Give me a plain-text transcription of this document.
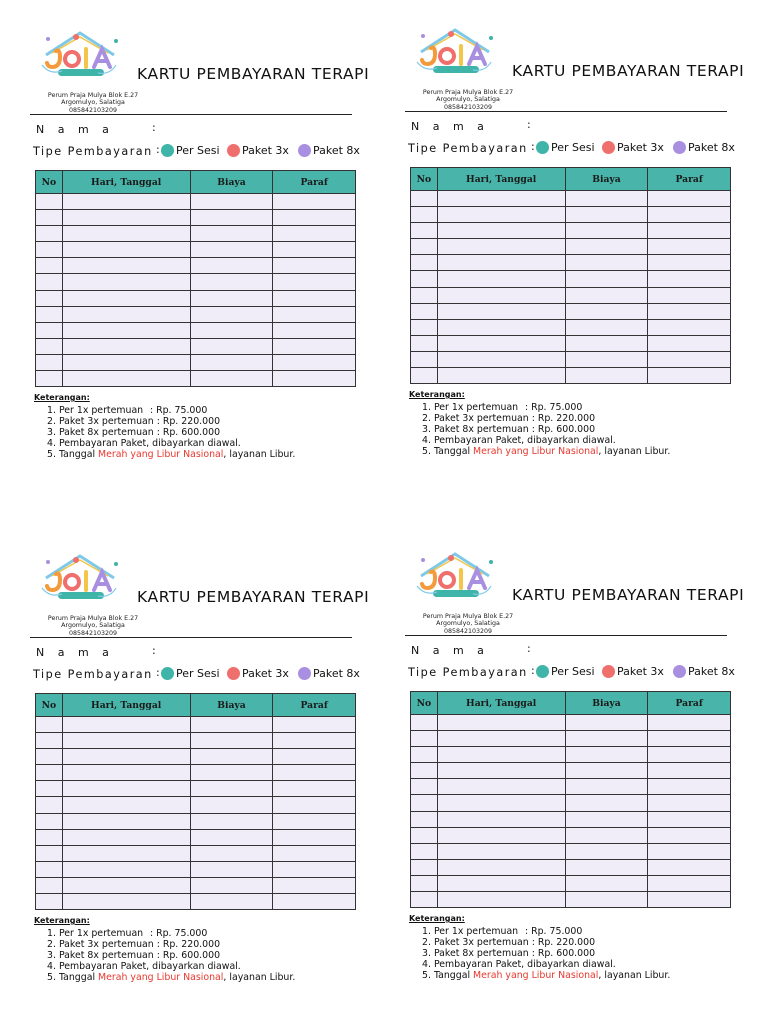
KARTU PEMBAYARAN TERAPI
Perum Praja Mulya Blok E.27
Argomulyo, Salatiga
085842103209
N a m a	:
Tipe Pembayaran : Per Sesi Paket 3x Paket 8x
No	Hari, Tanggal	Biaya	Paraf

Keterangan:
1. Per 1x pertemuan : Rp. 75.000
2. Paket 3x pertemuan : Rp. 220.000
3. Paket 8x pertemuan : Rp. 600.000
4. Pembayaran Paket, dibayarkan diawal.
5. Tanggal Merah yang Libur Nasional, layanan Libur.
KARTU PEMBAYARAN TERAPI
Perum Praja Mulya Blok E.27
Argomulyo, Salatiga
085842103209
N a m a	:
Tipe Pembayaran : Per Sesi Paket 3x Paket 8x
No	Hari, Tanggal	Biaya	Paraf

Keterangan:
1. Per 1x pertemuan : Rp. 75.000
2. Paket 3x pertemuan : Rp. 220.000
3. Paket 8x pertemuan : Rp. 600.000
4. Pembayaran Paket, dibayarkan diawal.
5. Tanggal Merah yang Libur Nasional, layanan Libur.
KARTU PEMBAYARAN TERAPI
Perum Praja Mulya Blok E.27
Argomulyo, Salatiga
085842103209
N a m a	:
Tipe Pembayaran : Per Sesi Paket 3x Paket 8x
No	Hari, Tanggal	Biaya	Paraf

Keterangan:
1. Per 1x pertemuan : Rp. 75.000
2. Paket 3x pertemuan : Rp. 220.000
3. Paket 8x pertemuan : Rp. 600.000
4. Pembayaran Paket, dibayarkan diawal.
5. Tanggal Merah yang Libur Nasional, layanan Libur.
KARTU PEMBAYARAN TERAPI
Perum Praja Mulya Blok E.27
Argomulyo, Salatiga
085842103209
N a m a	:
Tipe Pembayaran : Per Sesi Paket 3x Paket 8x
No	Hari, Tanggal	Biaya	Paraf

Keterangan:
1. Per 1x pertemuan : Rp. 75.000
2. Paket 3x pertemuan : Rp. 220.000
3. Paket 8x pertemuan : Rp. 600.000
4. Pembayaran Paket, dibayarkan diawal.
5. Tanggal Merah yang Libur Nasional, layanan Libur.
